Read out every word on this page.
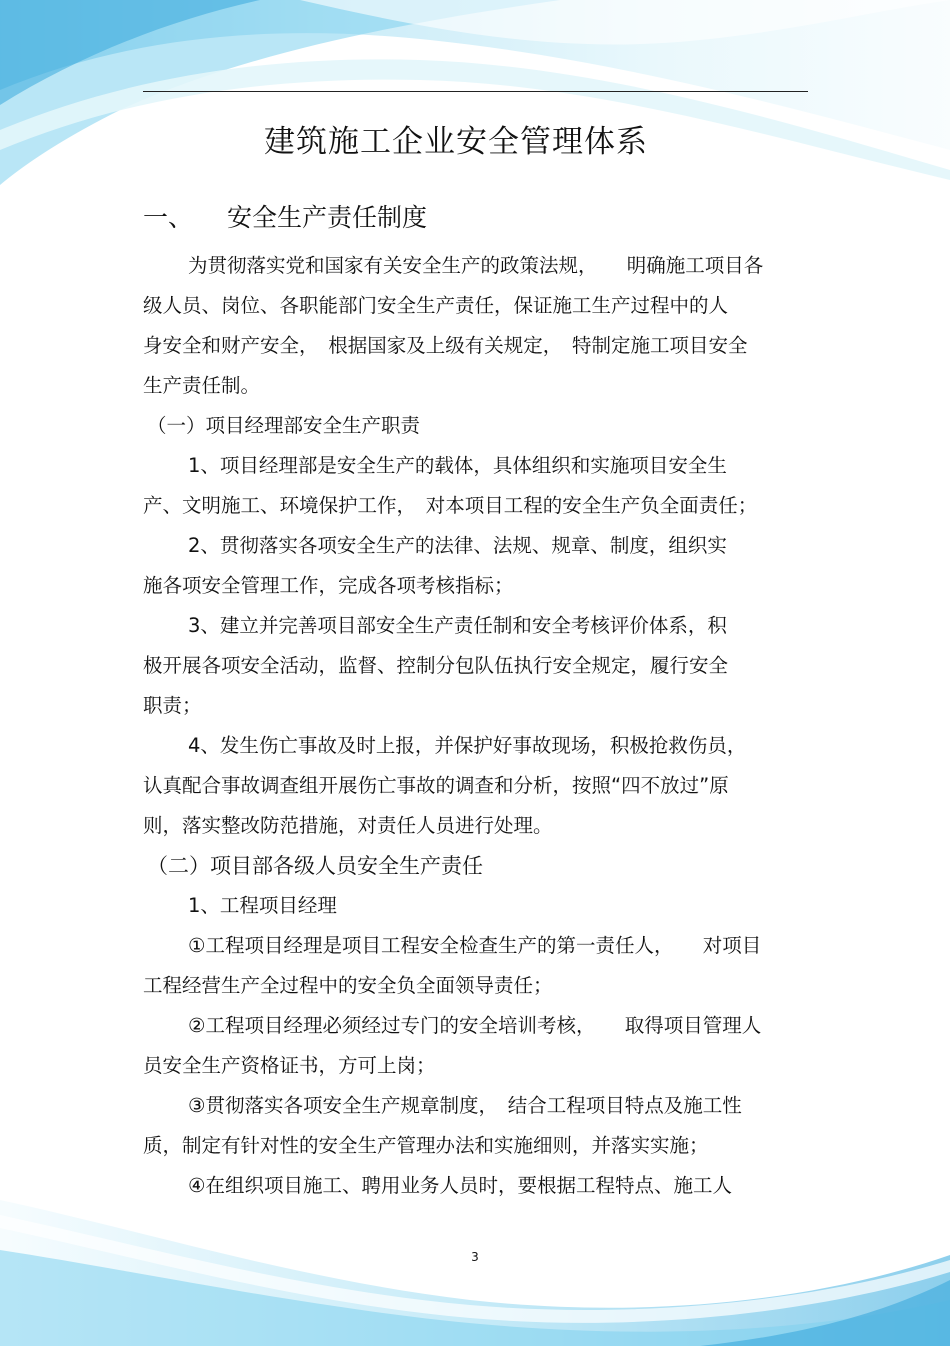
建筑施工企业安全管理体系
一、 安全生产责任制度
为贯彻落实党和国家有关安全生产的政策法规，　　明确施工项目各
级人员、岗位、各职能部门安全生产责任，保证施工生产过程中的人
身安全和财产安全，　根据国家及上级有关规定，　特制定施工项目安全
生产责任制。
（一）项目经理部安全生产职责
1、项目经理部是安全生产的载体，具体组织和实施项目安全生
产、文明施工、环境保护工作，　对本项目工程的安全生产负全面责任；
2、贯彻落实各项安全生产的法律、法规、规章、制度，组织实
施各项安全管理工作，完成各项考核指标；
3、建立并完善项目部安全生产责任制和安全考核评价体系，积
极开展各项安全活动，监督、控制分包队伍执行安全规定，履行安全
职责；
4、发生伤亡事故及时上报，并保护好事故现场，积极抢救伤员，
认真配合事故调查组开展伤亡事故的调查和分析，按照“四不放过”原
则，落实整改防范措施，对责任人员进行处理。
（二）项目部各级人员安全生产责任
1、工程项目经理
①工程项目经理是项目工程安全检查生产的第一责任人，　　对项目
工程经营生产全过程中的安全负全面领导责任；
②工程项目经理必须经过专门的安全培训考核，　　取得项目管理人
员安全生产资格证书，方可上岗；
③贯彻落实各项安全生产规章制度，　结合工程项目特点及施工性
质，制定有针对性的安全生产管理办法和实施细则，并落实实施；
④在组织项目施工、聘用业务人员时，要根据工程特点、施工人
3
